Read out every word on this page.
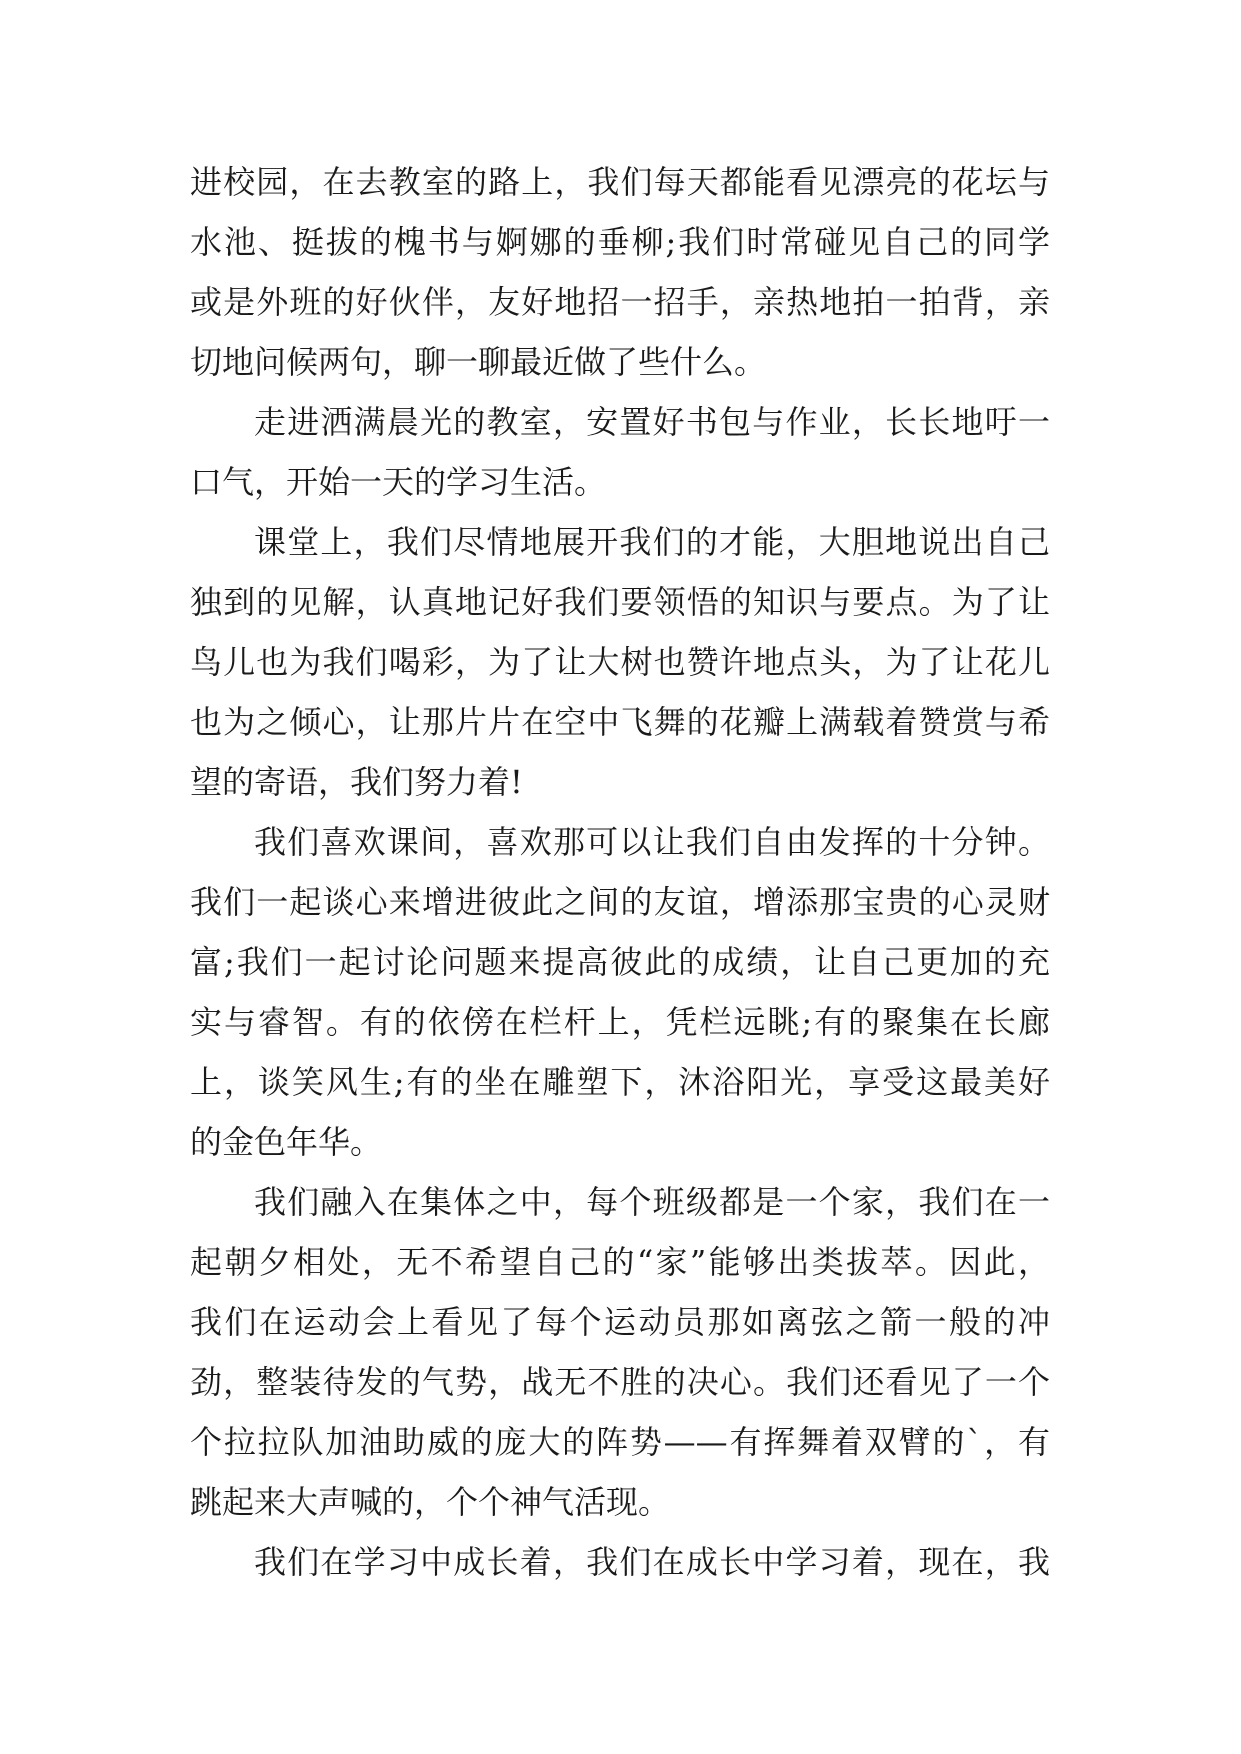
进校园，在去教室的路上，我们每天都能看见漂亮的花坛与
水池、挺拔的槐书与婀娜的垂柳;我们时常碰见自己的同学
或是外班的好伙伴，友好地招一招手，亲热地拍一拍背，亲
切地问候两句，聊一聊最近做了些什么。
走进洒满晨光的教室，安置好书包与作业，长长地吁一
口气，开始一天的学习生活。
课堂上，我们尽情地展开我们的才能，大胆地说出自己
独到的见解，认真地记好我们要领悟的知识与要点。为了让
鸟儿也为我们喝彩，为了让大树也赞许地点头，为了让花儿
也为之倾心，让那片片在空中飞舞的花瓣上满载着赞赏与希
望的寄语，我们努力着!
我们喜欢课间，喜欢那可以让我们自由发挥的十分钟。
我们一起谈心来增进彼此之间的友谊，增添那宝贵的心灵财
富;我们一起讨论问题来提高彼此的成绩，让自己更加的充
实与睿智。有的依傍在栏杆上，凭栏远眺;有的聚集在长廊
上，谈笑风生;有的坐在雕塑下，沐浴阳光，享受这最美好
的金色年华。
我们融入在集体之中，每个班级都是一个家，我们在一
起朝夕相处，无不希望自己的“家”能够出类拔萃。因此，
我们在运动会上看见了每个运动员那如离弦之箭一般的冲
劲，整装待发的气势，战无不胜的决心。我们还看见了一个
个拉拉队加油助威的庞大的阵势——有挥舞着双臂的`，有
跳起来大声喊的，个个神气活现。
我们在学习中成长着，我们在成长中学习着，现在，我
